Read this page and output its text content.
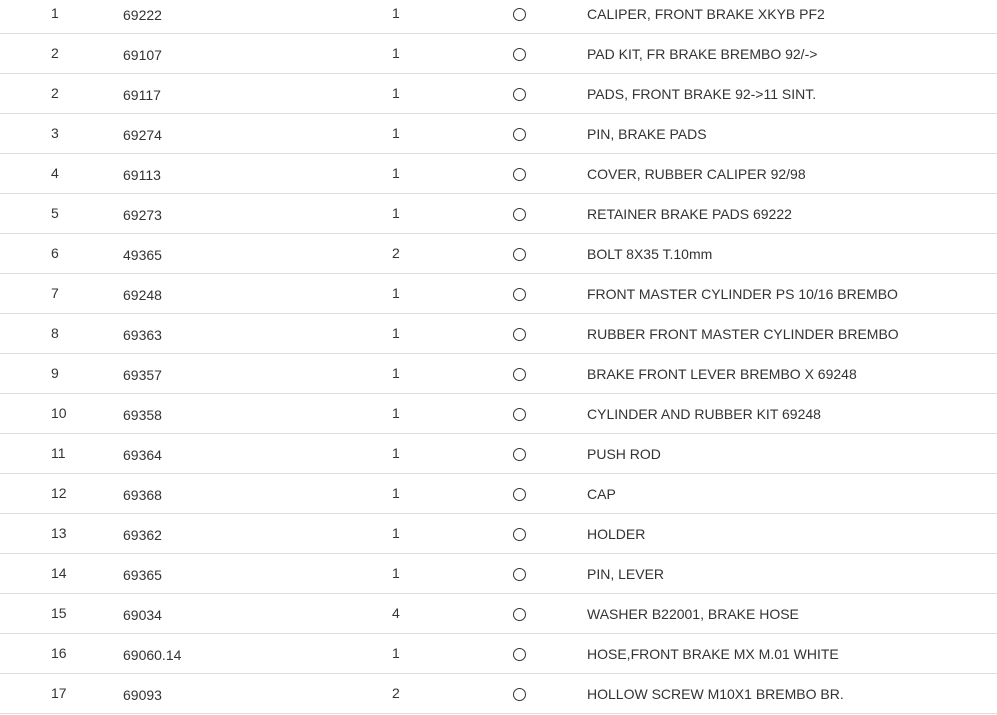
1	69222	1	CALIPER, FRONT BRAKE XKYB PF2
2	69107	1	PAD KIT, FR BRAKE BREMBO 92/->
2	69117	1	PADS, FRONT BRAKE 92->11 SINT.
3	69274	1	PIN, BRAKE PADS
4	69113	1	COVER, RUBBER CALIPER 92/98
5	69273	1	RETAINER BRAKE PADS 69222
6	49365	2	BOLT 8X35 T.10mm
7	69248	1	FRONT MASTER CYLINDER PS 10/16 BREMBO
8	69363	1	RUBBER FRONT MASTER CYLINDER BREMBO
9	69357	1	BRAKE FRONT LEVER BREMBO X 69248
10	69358	1	CYLINDER AND RUBBER KIT 69248
11	69364	1	PUSH ROD
12	69368	1	CAP
13	69362	1	HOLDER
14	69365	1	PIN, LEVER
15	69034	4	WASHER B22001, BRAKE HOSE
16	69060.14	1	HOSE,FRONT BRAKE MX M.01 WHITE
17	69093	2	HOLLOW SCREW M10X1 BREMBO BR.
